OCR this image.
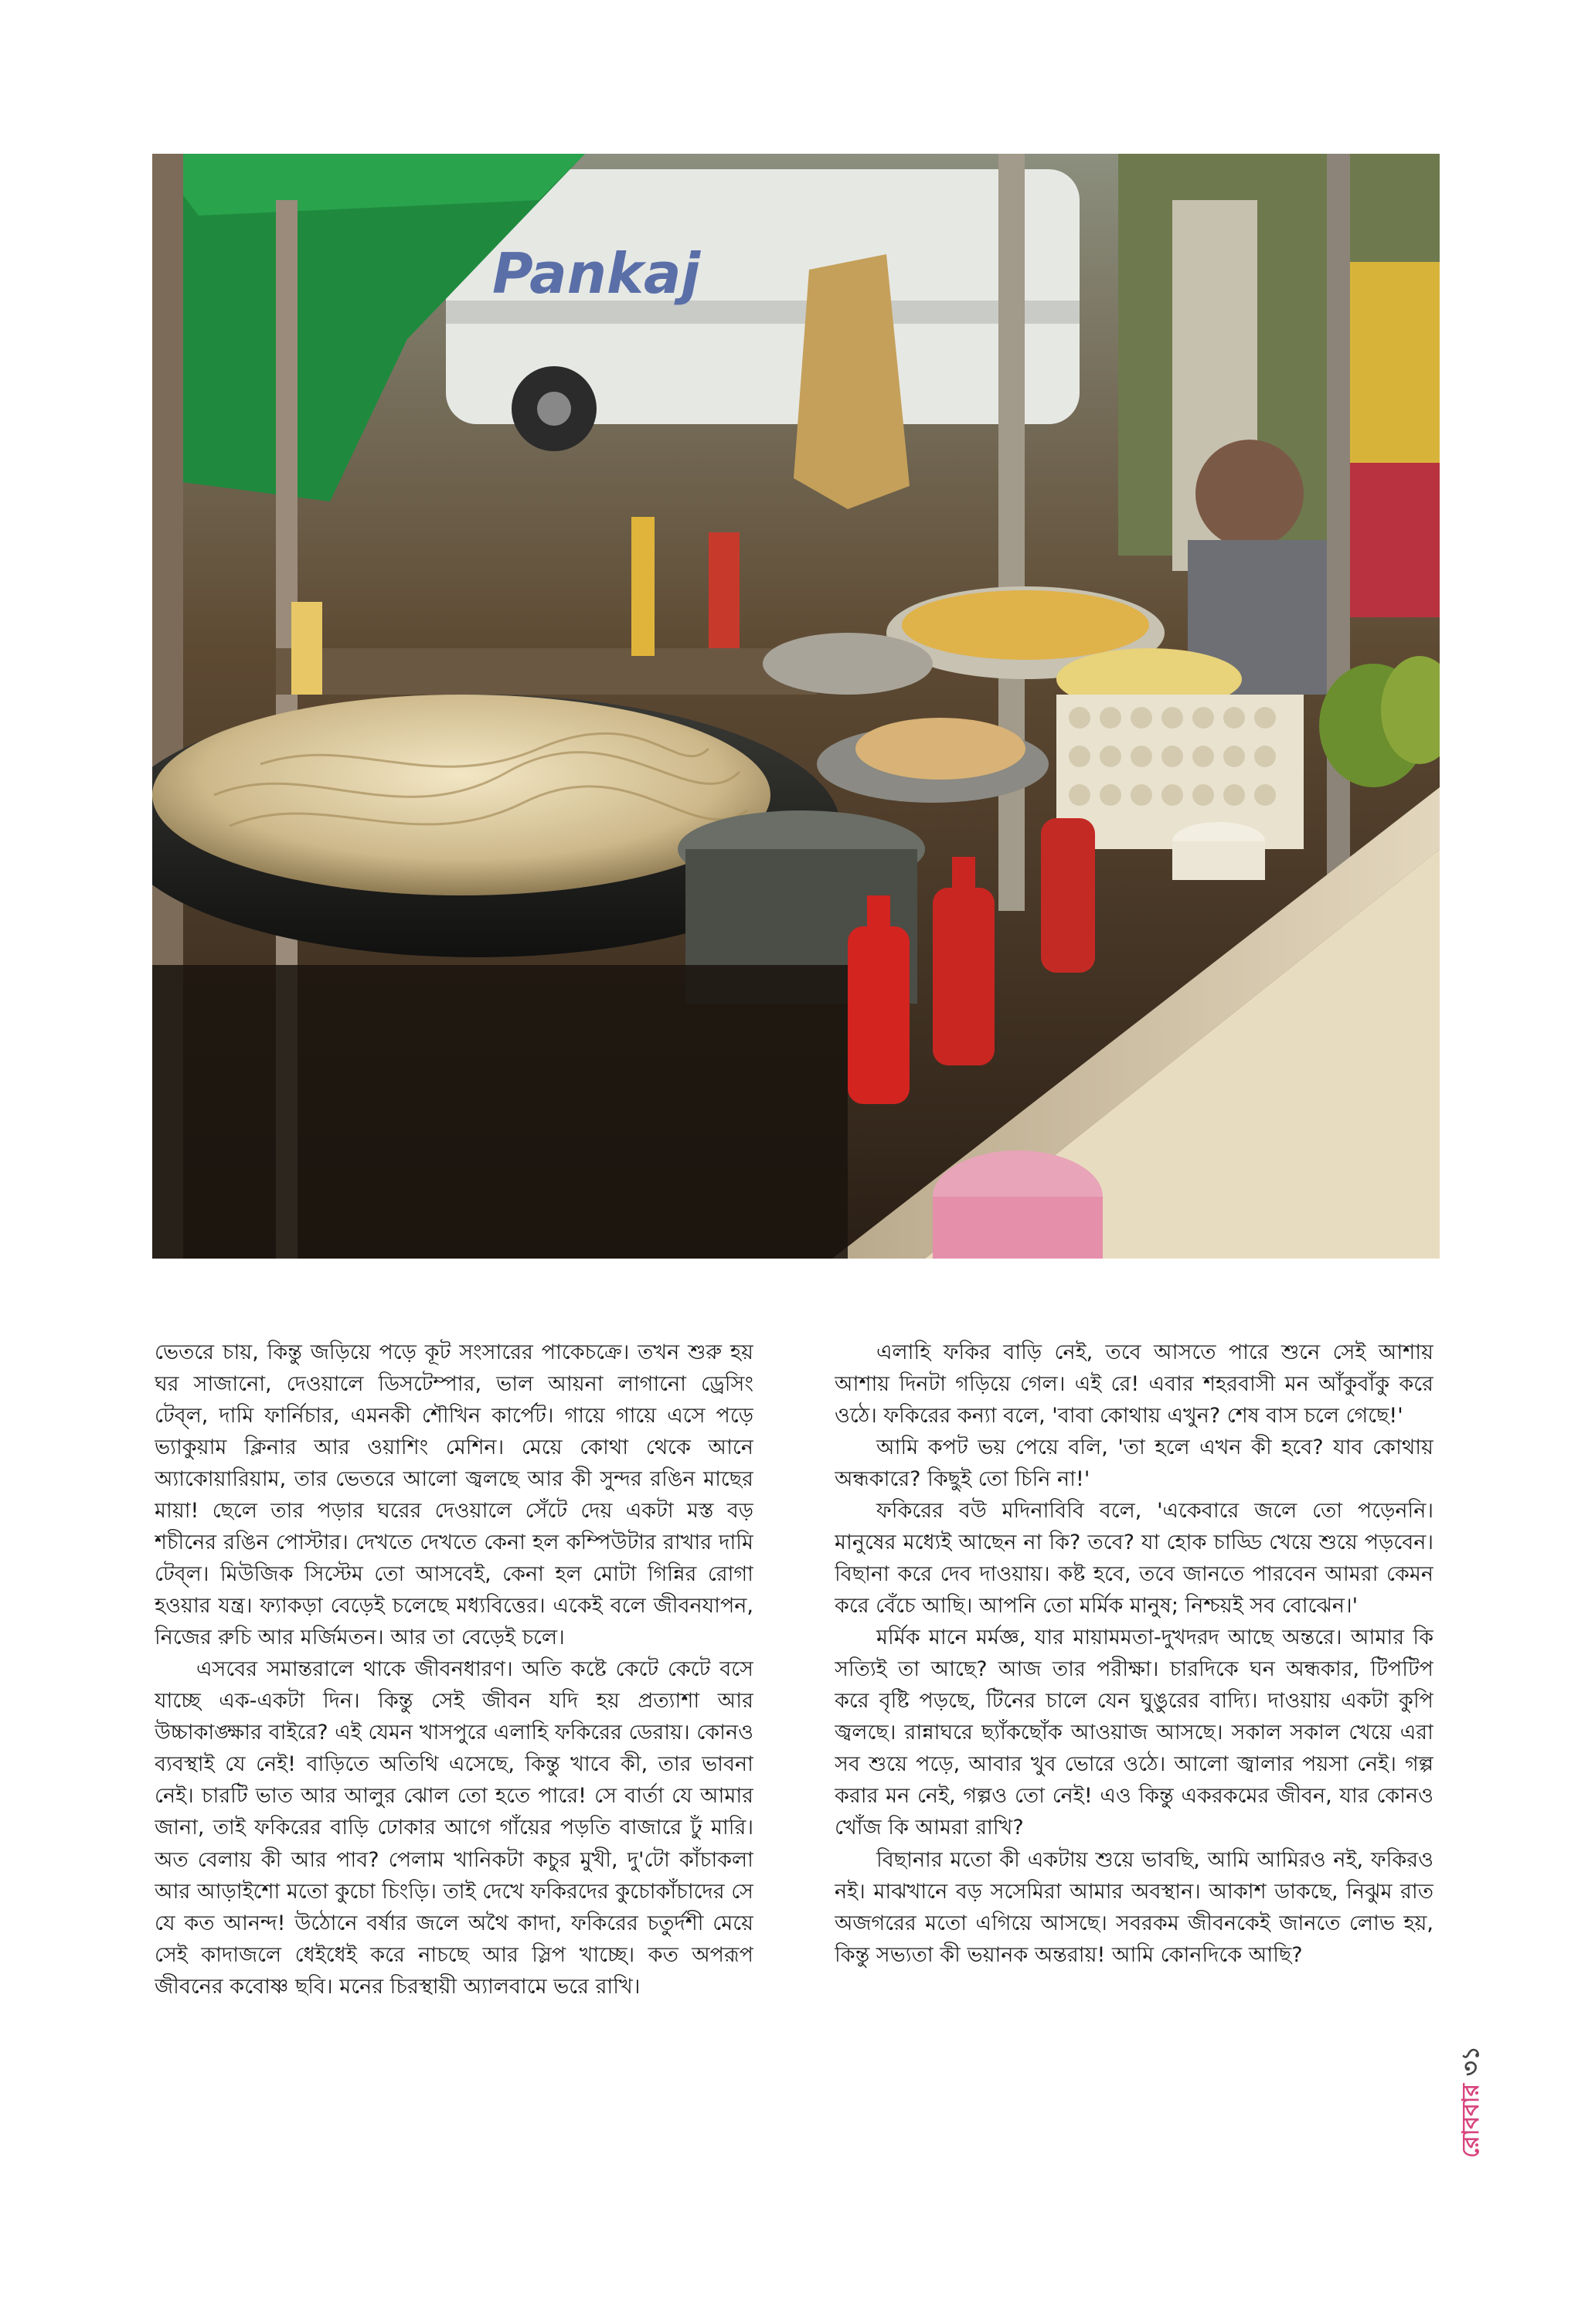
Pankaj

ভেতরে চায়, কিন্তু জড়িয়ে পড়ে কূট সংসারের পাকেচক্রে। তখন শুরু হয় ঘর সাজানো, দেওয়ালে ডিসটেম্পার, ভাল আয়না লাগানো ড্রেসিং টেব্‌ল, দামি ফার্নিচার, এমনকী শৌখিন কার্পেট। গায়ে গায়ে এসে পড়ে ভ্যাকুয়াম ক্লিনার আর ওয়াশিং মেশিন। মেয়ে কোথা থেকে আনে অ্যাকোয়ারিয়াম, তার ভেতরে আলো জ্বলছে আর কী সুন্দর রঙিন মাছের মায়া! ছেলে তার পড়ার ঘরের দেওয়ালে সেঁটে দেয় একটা মস্ত বড় শচীনের রঙিন পোস্টার। দেখতে দেখতে কেনা হল কম্পিউটার রাখার দামি টেব্‌ল। মিউজিক সিস্টেম তো আসবেই, কেনা হল মোটা গিন্নির রোগা হওয়ার যন্ত্র। ফ্যাকড়া বেড়েই চলেছে মধ্যবিত্তের। একেই বলে জীবনযাপন, নিজের রুচি আর মর্জিমতন। আর তা বেড়েই চলে।

এসবের সমান্তরালে থাকে জীবনধারণ। অতি কষ্টে কেটে কেটে বসে যাচ্ছে এক-একটা দিন। কিন্তু সেই জীবন যদি হয় প্রত্যাশা আর উচ্চাকাঙ্ক্ষার বাইরে? এই যেমন খাসপুরে এলাহি ফকিরের ডেরায়। কোনও ব্যবস্থাই যে নেই! বাড়িতে অতিথি এসেছে, কিন্তু খাবে কী, তার ভাবনা নেই। চারটি ভাত আর আলুর ঝোল তো হতে পারে! সে বার্তা যে আমার জানা, তাই ফকিরের বাড়ি ঢোকার আগে গাঁয়ের পড়তি বাজারে ঢুঁ মারি। অত বেলায় কী আর পাব? পেলাম খানিকটা কচুর মুখী, দু'টো কাঁচাকলা আর আড়াইশো মতো কুচো চিংড়ি। তাই দেখে ফকিরদের কুচোকাঁচাদের সে যে কত আনন্দ! উঠোনে বর্ষার জলে অথৈ কাদা, ফকিরের চতুর্দশী মেয়ে সেই কাদাজলে ধেইধেই করে নাচছে আর স্লিপ খাচ্ছে। কত অপরূপ জীবনের কবোষ্ণ ছবি। মনের চিরস্থায়ী অ্যালবামে ভরে রাখি।

এলাহি ফকির বাড়ি নেই, তবে আসতে পারে শুনে সেই আশায় আশায় দিনটা গড়িয়ে গেল। এই রে! এবার শহরবাসী মন আঁকুবাঁকু করে ওঠে। ফকিরের কন্যা বলে, 'বাবা কোথায় এখুন? শেষ বাস চলে গেছে!'

আমি কপট ভয় পেয়ে বলি, 'তা হলে এখন কী হবে? যাব কোথায় অন্ধকারে? কিছুই তো চিনি না!'

ফকিরের বউ মদিনাবিবি বলে, 'একেবারে জলে তো পড়েননি। মানুষের মধ্যেই আছেন না কি? তবে? যা হোক চাড্ডি খেয়ে শুয়ে পড়বেন। বিছানা করে দেব দাওয়ায়। কষ্ট হবে, তবে জানতে পারবেন আমরা কেমন করে বেঁচে আছি। আপনি তো মর্মিক মানুষ; নিশ্চয়ই সব বোঝেন।'

মর্মিক মানে মর্মজ্ঞ, যার মায়ামমতা-দুখদরদ আছে অন্তরে। আমার কি সত্যিই তা আছে? আজ তার পরীক্ষা। চারদিকে ঘন অন্ধকার, টিপটিপ করে বৃষ্টি পড়ছে, টিনের চালে যেন ঘুঙুরের বাদ্যি। দাওয়ায় একটা কুপি জ্বলছে। রান্নাঘরে ছ্যাঁকছোঁক আওয়াজ আসছে। সকাল সকাল খেয়ে এরা সব শুয়ে পড়ে, আবার খুব ভোরে ওঠে। আলো জ্বালার পয়সা নেই। গল্প করার মন নেই, গল্পও তো নেই! এও কিন্তু একরকমের জীবন, যার কোনও খোঁজ কি আমরা রাখি?

বিছানার মতো কী একটায় শুয়ে ভাবছি, আমি আমিরও নই, ফকিরও নই। মাঝখানে বড় সসেমিরা আমার অবস্থান। আকাশ ডাকছে, নিঝুম রাত অজগরের মতো এগিয়ে আসছে। সবরকম জীবনকেই জানতে লোভ হয়, কিন্তু সভ্যতা কী ভয়ানক অন্তরায়! আমি কোনদিকে আছি?

রোববার৩১
